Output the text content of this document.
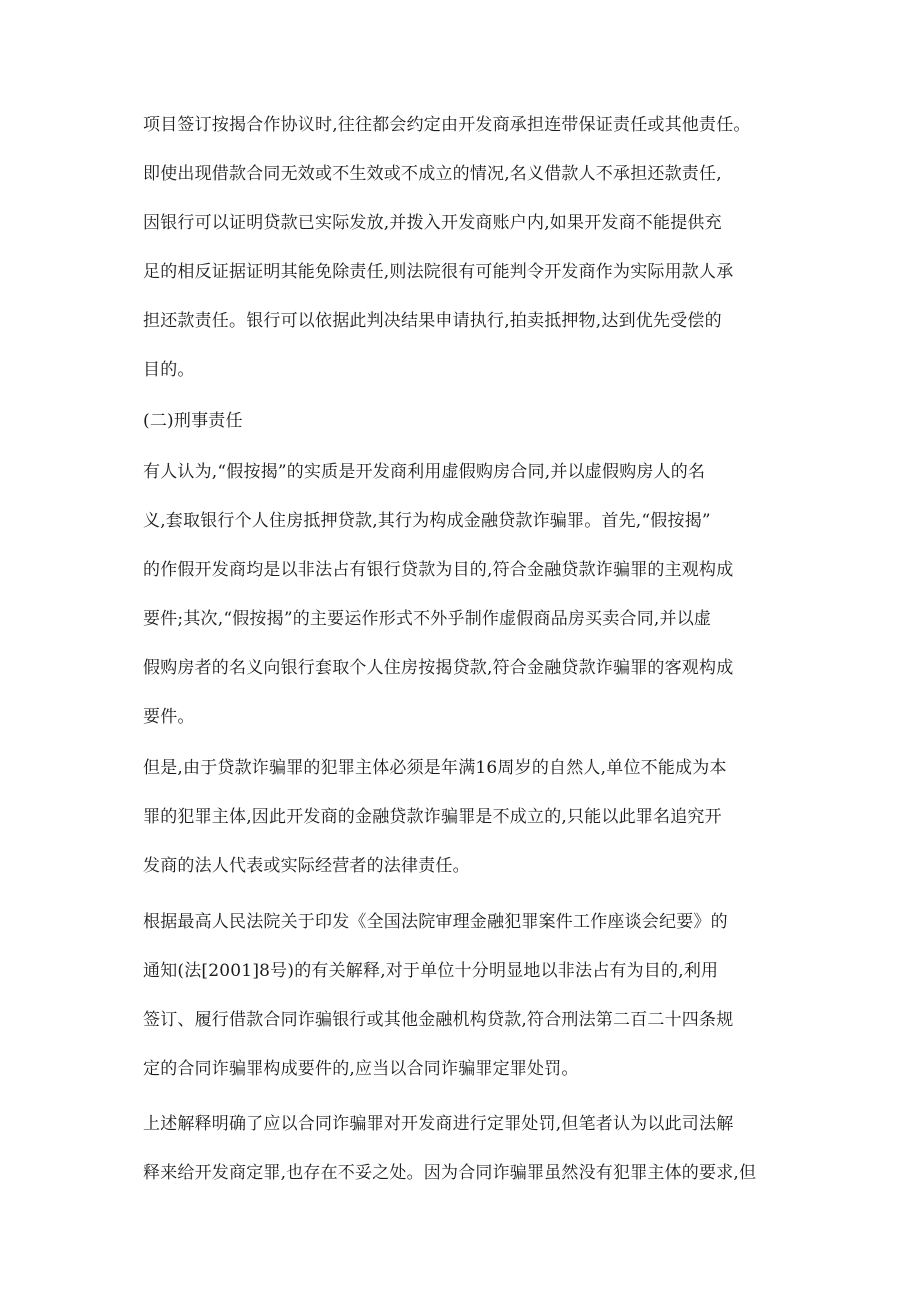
项目签订按揭合作协议时,往往都会约定由开发商承担连带保证责任或其他责任。
即使出现借款合同无效或不生效或不成立的情况,名义借款人不承担还款责任,
因银行可以证明贷款已实际发放,并拨入开发商账户内,如果开发商不能提供充
足的相反证据证明其能免除责任,则法院很有可能判令开发商作为实际用款人承
担还款责任。银行可以依据此判决结果申请执行,拍卖抵押物,达到优先受偿的
目的。
(二)刑事责任
有人认为,“假按揭”的实质是开发商利用虚假购房合同,并以虚假购房人的名
义,套取银行个人住房抵押贷款,其行为构成金融贷款诈骗罪。首先,“假按揭”
的作假开发商均是以非法占有银行贷款为目的,符合金融贷款诈骗罪的主观构成
要件;其次,“假按揭”的主要运作形式不外乎制作虚假商品房买卖合同,并以虚
假购房者的名义向银行套取个人住房按揭贷款,符合金融贷款诈骗罪的客观构成
要件。
但是,由于贷款诈骗罪的犯罪主体必须是年满16周岁的自然人,单位不能成为本
罪的犯罪主体,因此开发商的金融贷款诈骗罪是不成立的,只能以此罪名追究开
发商的法人代表或实际经营者的法律责任。
根据最高人民法院关于印发《全国法院审理金融犯罪案件工作座谈会纪要》的
通知(法[2001]8号)的有关解释,对于单位十分明显地以非法占有为目的,利用
签订、履行借款合同诈骗银行或其他金融机构贷款,符合刑法第二百二十四条规
定的合同诈骗罪构成要件的,应当以合同诈骗罪定罪处罚。
上述解释明确了应以合同诈骗罪对开发商进行定罪处罚,但笔者认为以此司法解
释来给开发商定罪,也存在不妥之处。因为合同诈骗罪虽然没有犯罪主体的要求,但
